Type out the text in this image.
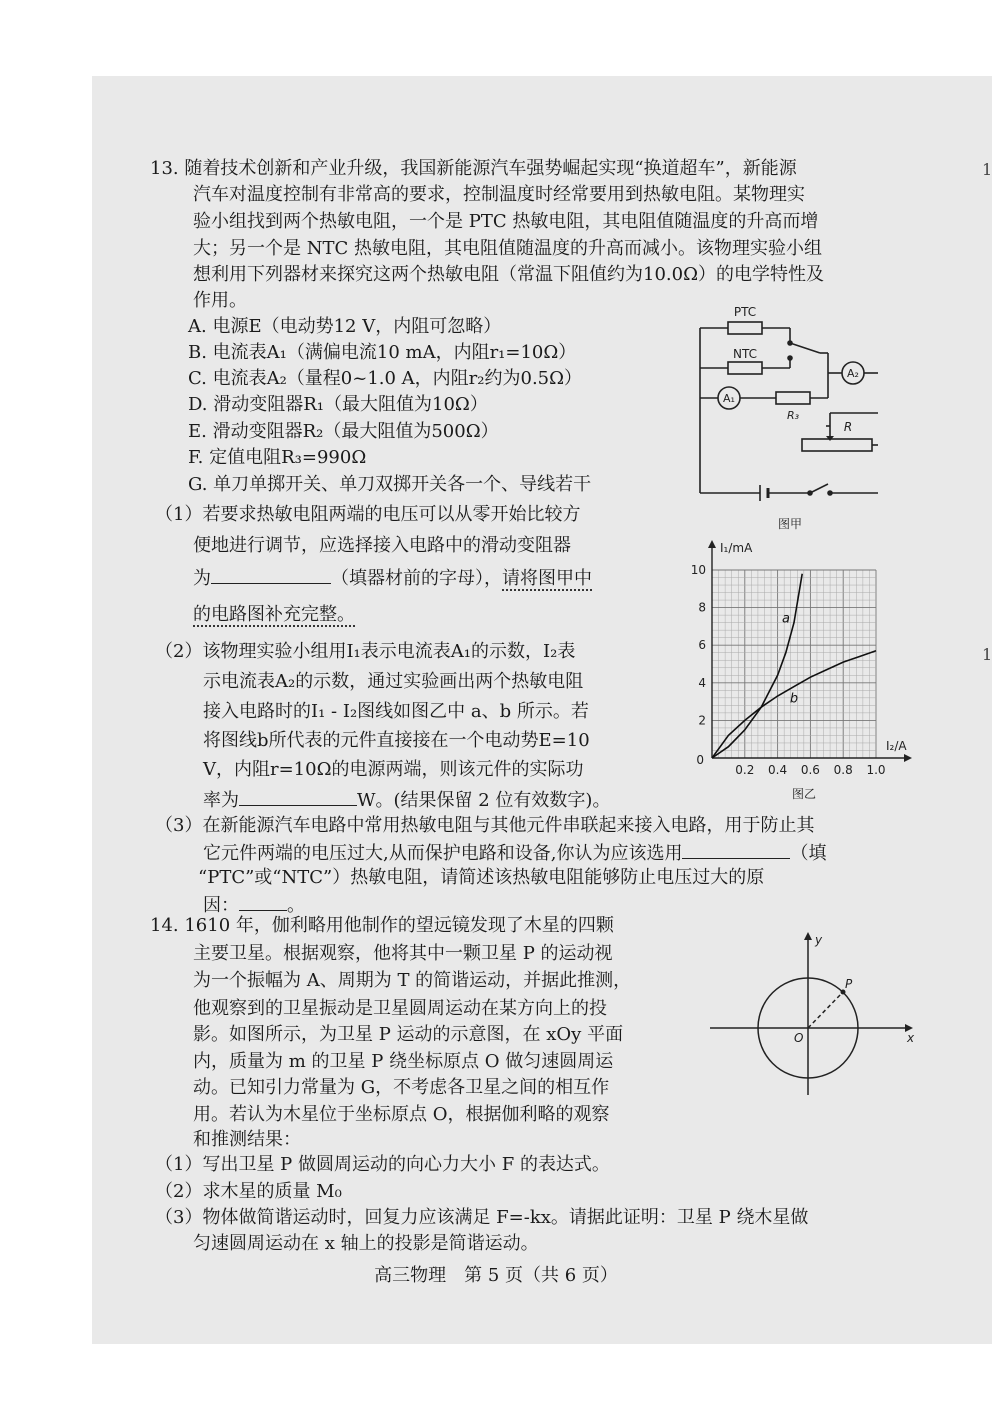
1
1
13. 随着技术创新和产业升级，我国新能源汽车强势崛起实现“换道超车”，新能源
汽车对温度控制有非常高的要求，控制温度时经常要用到热敏电阻。某物理实
验小组找到两个热敏电阻，一个是 PTC 热敏电阻，其电阻值随温度的升高而增
大；另一个是 NTC 热敏电阻，其电阻值随温度的升高而减小。该物理实验小组
想利用下列器材来探究这两个热敏电阻（常温下阻值约为10.0Ω）的电学特性及
作用。
A. 电源E（电动势12 V，内阻可忽略）
B. 电流表A₁（满偏电流10 mA，内阻r₁=10Ω）
C. 电流表A₂（量程0~1.0 A，内阻r₂约为0.5Ω）
D. 滑动变阻器R₁（最大阻值为10Ω）
E. 滑动变阻器R₂（最大阻值为500Ω）
F. 定值电阻R₃=990Ω
G. 单刀单掷开关、单刀双掷开关各一个、导线若干
PTC
NTC
A₂
A₁
R₃
R
图甲
（1）若要求热敏电阻两端的电压可以从零开始比较方
便地进行调节，应选择接入电路中的滑动变阻器
为	（填器材前的字母），请将图甲中
的电路图补充完整。
0.2 0.4 0.6 0.8 1.0
2
4
6
8
10
0
I₁/mA
I₂/A
a
b
图乙
（2）该物理实验小组用I₁表示电流表A₁的示数，I₂表
示电流表A₂的示数，通过实验画出两个热敏电阻
接入电路时的I₁ - I₂图线如图乙中 a、b 所示。若
将图线b所代表的元件直接接在一个电动势E=10
V，内阻r=10Ω的电源两端，则该元件的实际功
率为	W。(结果保留 2 位有效数字)。
（3）在新能源汽车电路中常用热敏电阻与其他元件串联起来接入电路，用于防止其
它元件两端的电压过大,从而保护电路和设备,你认为应该选用	（填
“PTC”或“NTC”）热敏电阻，请简述该热敏电阻能够防止电压过大的原
因：	。
14. 1610 年，伽利略用他制作的望远镜发现了木星的四颗
主要卫星。根据观察，他将其中一颗卫星 P 的运动视
为一个振幅为 A、周期为 T 的简谐运动，并据此推测，
他观察到的卫星振动是卫星圆周运动在某方向上的投
影。如图所示，为卫星 P 运动的示意图，在 xOy 平面
内，质量为 m 的卫星 P 绕坐标原点 O 做匀速圆周运
动。已知引力常量为 G，不考虑各卫星之间的相互作
用。若认为木星位于坐标原点 O，根据伽利略的观察
和推测结果：
x
y
O
P
（1）写出卫星 P 做圆周运动的向心力大小 F 的表达式。
（2）求木星的质量 M₀
（3）物体做简谐运动时，回复力应该满足 F=-kx。请据此证明：卫星 P 绕木星做
匀速圆周运动在 x 轴上的投影是简谐运动。
高三物理　第 5 页（共 6 页）
